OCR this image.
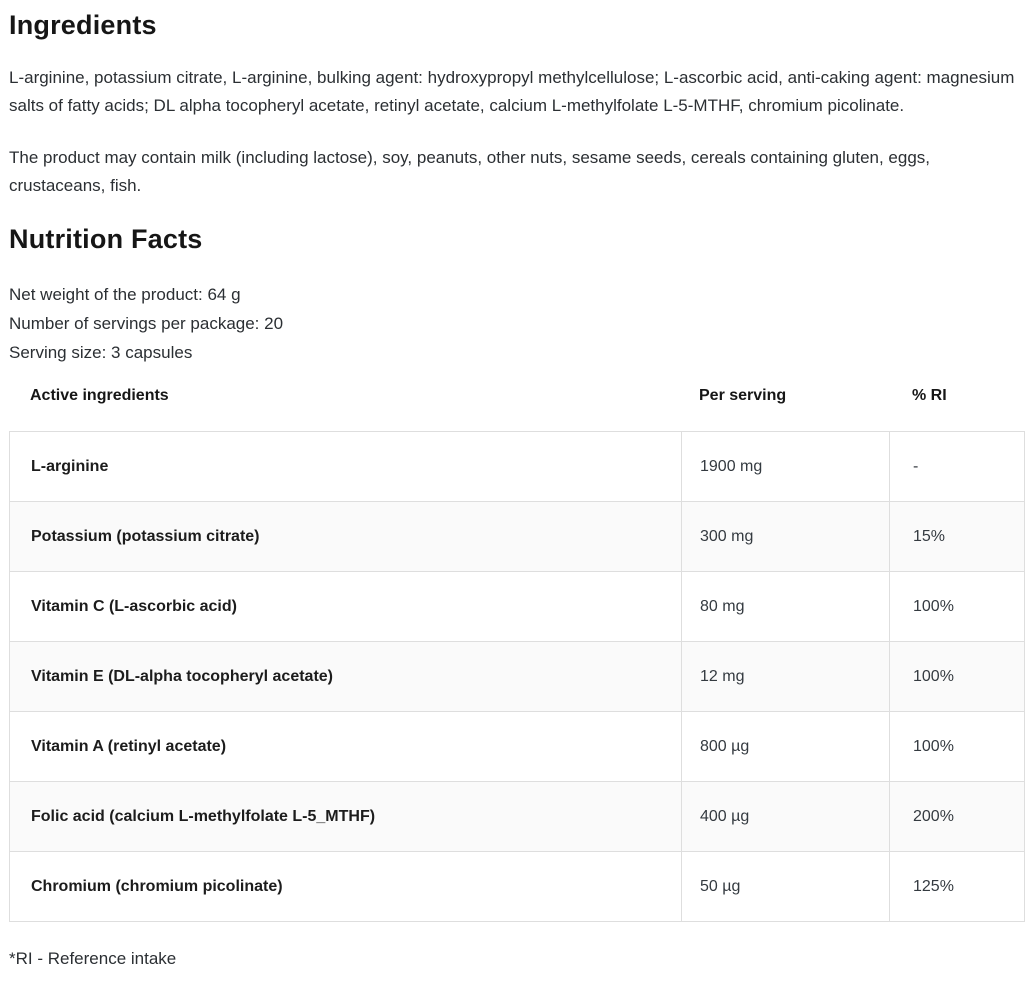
Ingredients

L-arginine, potassium citrate, L-arginine, bulking agent: hydroxypropyl methylcellulose; L-ascorbic acid, anti-caking agent: magnesium salts of fatty acids; DL alpha tocopheryl acetate, retinyl acetate, calcium L-methylfolate L-5-MTHF, chromium picolinate.

The product may contain milk (including lactose), soy, peanuts, other nuts, sesame seeds, cereals containing gluten, eggs, crustaceans, fish.

Nutrition Facts

Net weight of the product: 64 g

Number of servings per package: 20

Serving size: 3 capsules

Active ingredients	Per serving	% RI
L-arginine	1900 mg	-
Potassium (potassium citrate)	300 mg	15%
Vitamin C (L-ascorbic acid)	80 mg	100%
Vitamin E (DL-alpha tocopheryl acetate)	12 mg	100%
Vitamin A (retinyl acetate)	800 µg	100%
Folic acid (calcium L-methylfolate L-5_MTHF)	400 µg	200%
Chromium (chromium picolinate)	50 µg	125%

*RI - Reference intake
